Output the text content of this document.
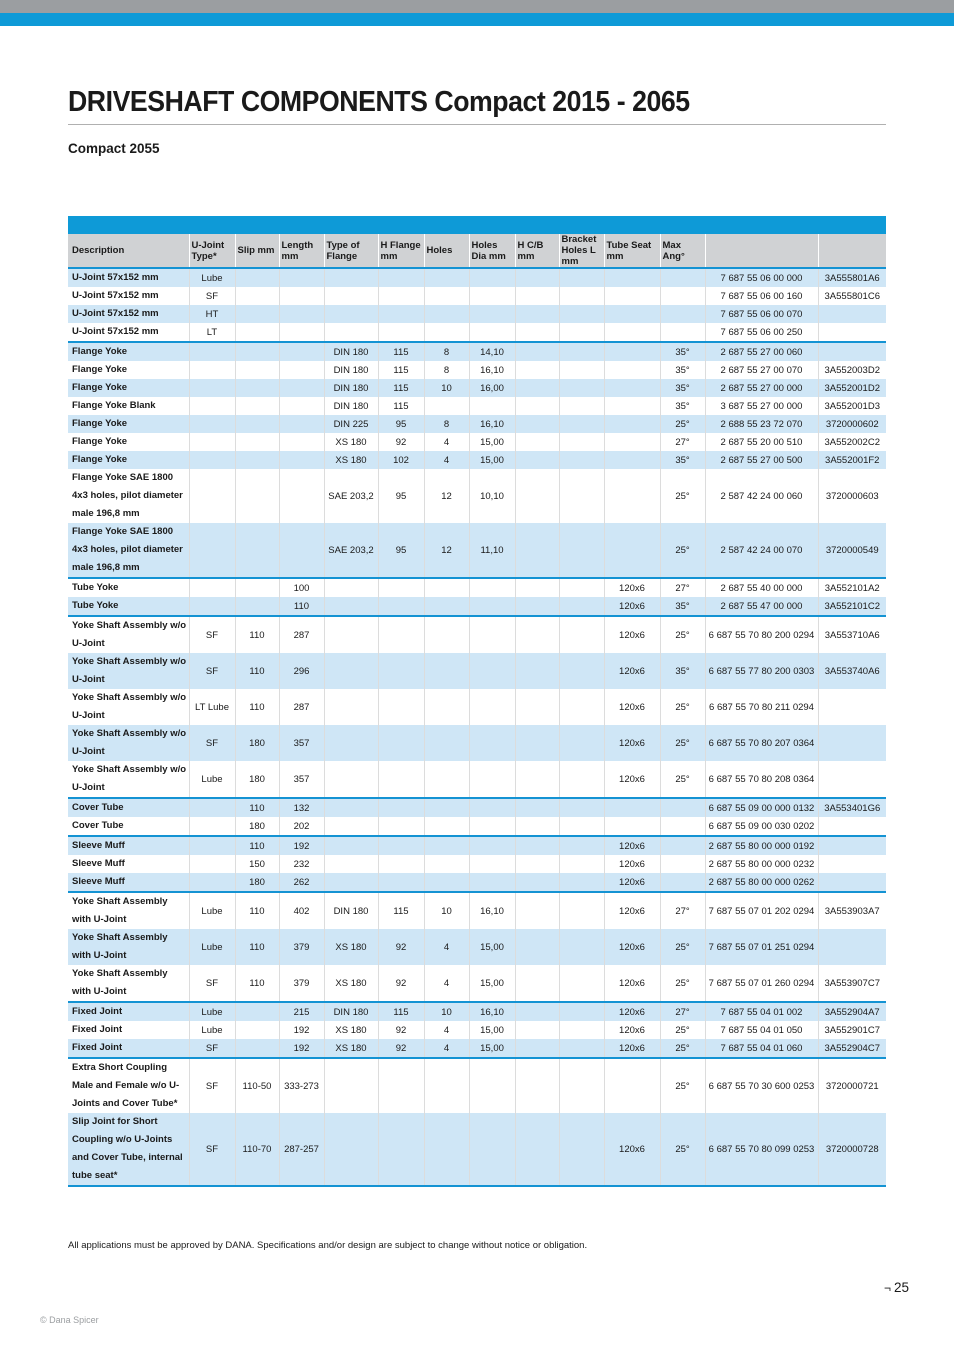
DRIVESHAFT COMPONENTS Compact 2015 - 2065
Compact 2055
Description	U-Joint Type*	Slip mm	Length mm	Type of Flange	H Flange mm	Holes	Holes Dia mm	H C/B mm	Bracket Holes L mm	Tube Seat mm	Max Ang°		
U-Joint 57x152 mm	Lube											7 687 55 06 00 000	3A555801A6
U-Joint 57x152 mm	SF											7 687 55 06 00 160	3A555801C6
U-Joint 57x152 mm	HT											7 687 55 06 00 070	
U-Joint 57x152 mm	LT											7 687 55 06 00 250	
Flange Yoke				DIN 180	115	8	14,10				35°	2 687 55 27 00 060	
Flange Yoke				DIN 180	115	8	16,10				35°	2 687 55 27 00 070	3A552003D2
Flange Yoke				DIN 180	115	10	16,00				35°	2 687 55 27 00 000	3A552001D2
Flange Yoke Blank				DIN 180	115						35°	3 687 55 27 00 000	3A552001D3
Flange Yoke				DIN 225	95	8	16,10				25°	2 688 55 23 72 070	3720000602
Flange Yoke				XS 180	92	4	15,00				27°	2 687 55 20 00 510	3A552002C2
Flange Yoke				XS 180	102	4	15,00				35°	2 687 55 27 00 500	3A552001F2
Flange Yoke SAE 1800 4x3 holes, pilot diameter male 196,8 mm				SAE 203,2	95	12	10,10				25°	2 587 42 24 00 060	3720000603
Flange Yoke SAE 1800 4x3 holes, pilot diameter male 196,8 mm				SAE 203,2	95	12	11,10				25°	2 587 42 24 00 070	3720000549
Tube Yoke			100							120x6	27°	2 687 55 40 00 000	3A552101A2
Tube Yoke			110							120x6	35°	2 687 55 47 00 000	3A552101C2
Yoke Shaft Assembly w/o U-Joint	SF	110	287							120x6	25°	6 687 55 70 80 200 0294	3A553710A6
Yoke Shaft Assembly w/o U-Joint	SF	110	296							120x6	35°	6 687 55 77 80 200 0303	3A553740A6
Yoke Shaft Assembly w/o U-Joint	LT Lube	110	287							120x6	25°	6 687 55 70 80 211 0294	
Yoke Shaft Assembly w/o U-Joint	SF	180	357							120x6	25°	6 687 55 70 80 207 0364	
Yoke Shaft Assembly w/o U-Joint	Lube	180	357							120x6	25°	6 687 55 70 80 208 0364	
Cover Tube		110	132									6 687 55 09 00 000 0132	3A553401G6
Cover Tube		180	202									6 687 55 09 00 030 0202	
Sleeve Muff		110	192							120x6		2 687 55 80 00 000 0192	
Sleeve Muff		150	232							120x6		2 687 55 80 00 000 0232	
Sleeve Muff		180	262							120x6		2 687 55 80 00 000 0262	
Yoke Shaft Assembly with U-Joint	Lube	110	402	DIN 180	115	10	16,10			120x6	27°	7 687 55 07 01 202 0294	3A553903A7
Yoke Shaft Assembly with U-Joint	Lube	110	379	XS 180	92	4	15,00			120x6	25°	7 687 55 07 01 251 0294	
Yoke Shaft Assembly with U-Joint	SF	110	379	XS 180	92	4	15,00			120x6	25°	7 687 55 07 01 260 0294	3A553907C7
Fixed Joint	Lube		215	DIN 180	115	10	16,10			120x6	27°	7 687 55 04 01 002	3A552904A7
Fixed Joint	Lube		192	XS 180	92	4	15,00			120x6	25°	7 687 55 04 01 050	3A552901C7
Fixed Joint	SF		192	XS 180	92	4	15,00			120x6	25°	7 687 55 04 01 060	3A552904C7
Extra Short Coupling Male and Female w/o U-Joints and Cover Tube*	SF	110-50	333-273								25°	6 687 55 70 30 600 0253	3720000721
Slip Joint for Short Coupling w/o U-Joints and Cover Tube, internal tube seat*	SF	110-70	287-257							120x6	25°	6 687 55 70 80 099 0253	3720000728

All applications must be approved by DANA. Specifications and/or design are subject to change without notice or obligation.

¬ 25
© Dana Spicer
